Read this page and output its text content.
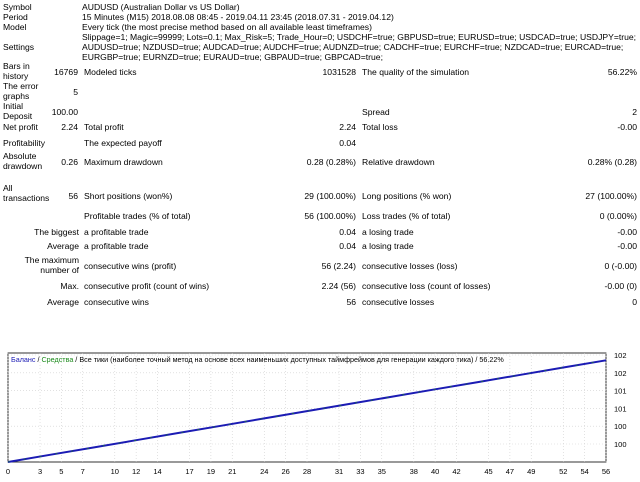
Symbol	AUDUSD (Australian Dollar vs US Dollar)
Period	15 Minutes (M15) 2018.08.08 08:45 - 2019.04.11 23:45 (2018.07.31 - 2019.04.12)
Model	Every tick (the most precise method based on all available least timeframes)
Slippage=1; Magic=99999; Lots=0.1; Max_Risk=5; Trade_Hour=0; USDCHF=true; GBPUSD=true; EURUSD=true; USDCAD=true; USDJPY=true;
Settings	AUDUSD=true; NZDUSD=true; AUDCAD=true; AUDCHF=true; AUDNZD=true; CADCHF=true; EURCHF=true; NZDCAD=true; EURCAD=true;
EURGBP=true; EURNZD=true; EURAUD=true; GBPAUD=true; GBPCAD=true;
Bars in history	16769 Modeled ticks	1031528 The quality of the simulation	56.22%
The error graphs	5
Initial Deposit	100.00	Spread	2
Net profit	2.24 Total profit	2.24 Total loss	-0.00
Profitability	The expected payoff	0.04
Absolute drawdown	0.26 Maximum drawdown	0.28 (0.28%) Relative drawdown	0.28% (0.28)
All transactions	56 Short positions (won%)	29 (100.00%) Long positions (% won)	27 (100.00%)
Profitable trades (% of total)	56 (100.00%) Loss trades (% of total)	0 (0.00%)
The biggest a profitable trade	0.04 a losing trade	-0.00
Average a profitable trade	0.04 a losing trade	-0.00
The maximum number of consecutive wins (profit)	56 (2.24) consecutive losses (loss)	0 (-0.00)
Max. consecutive profit (count of wins)	2.24 (56) consecutive loss (count of losses)	-0.00 (0)
Average consecutive wins	56 consecutive losses	0
Баланс / Средства / Все тики (наиболее точный метод на основе всех наименьших доступных таймфреймов для генерации каждого тика) / 56.22%
0	3 5 7	10 12 14	17 19 21	24 26 28	31 33 35	38 40 42	45 47 49	52 54 56
100
100
101
101
102
102
